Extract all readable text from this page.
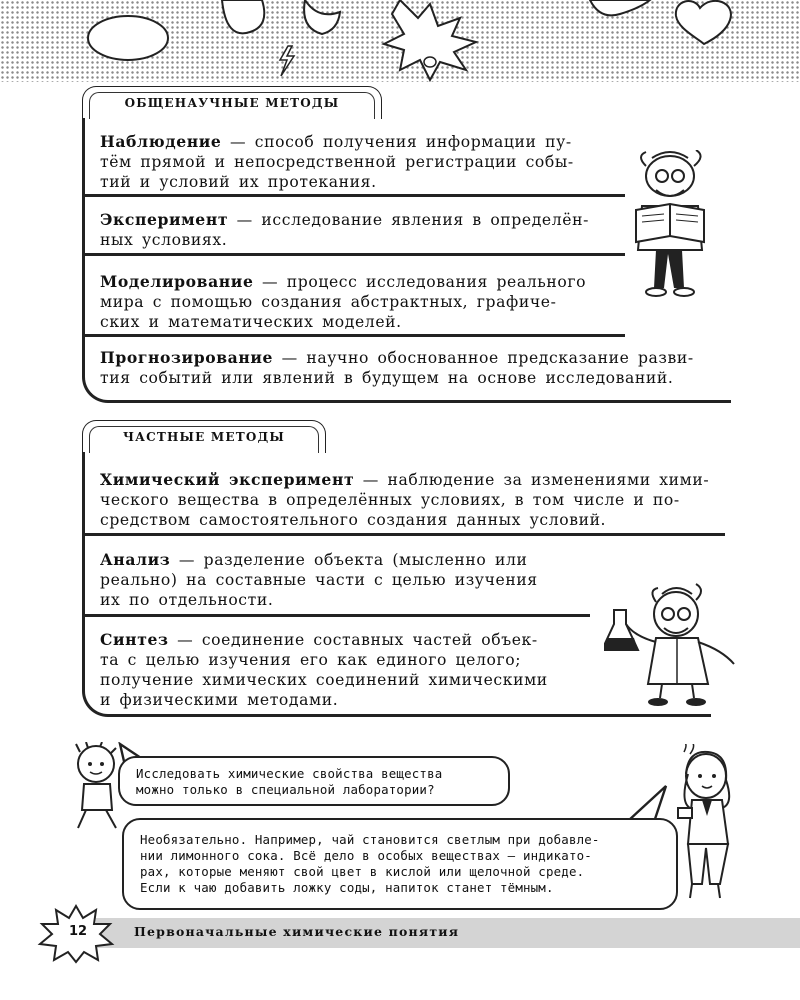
ОБЩЕНАУЧНЫЕ МЕТОДЫ
Наблюдение — способ получения информации пу-
тём прямой и непосредственной регистрации собы-
тий и условий их протекания.
Эксперимент — исследование явления в определён-
ных условиях.
Моделирование — процесс исследования реального
мира с помощью создания абстрактных, графиче-
ских и математических моделей.
Прогнозирование — научно обоснованное предсказание разви-
тия событий или явлений в будущем на основе исследований.
ЧАСТНЫЕ МЕТОДЫ
Химический эксперимент — наблюдение за изменениями хими-
ческого вещества в определённых условиях, в том числе и по-
средством самостоятельного создания данных условий.
Анализ — разделение объекта (мысленно или
реально) на составные части с целью изучения
их по отдельности.
Синтез — соединение составных частей объек-
та с целью изучения его как единого целого;
получение химических соединений химическими
и физическими методами.

Исследовать химические свойства вещества

можно только в специальной лаборатории?

Необязательно. Например, чай становится светлым при добавле-

нии лимонного сока. Всё дело в особых веществах — индикато-

рах, которые меняют свой цвет в кислой или щелочной среде.

Если к чаю добавить ложку соды, напиток станет тёмным.

12	Первоначальные химические понятия
